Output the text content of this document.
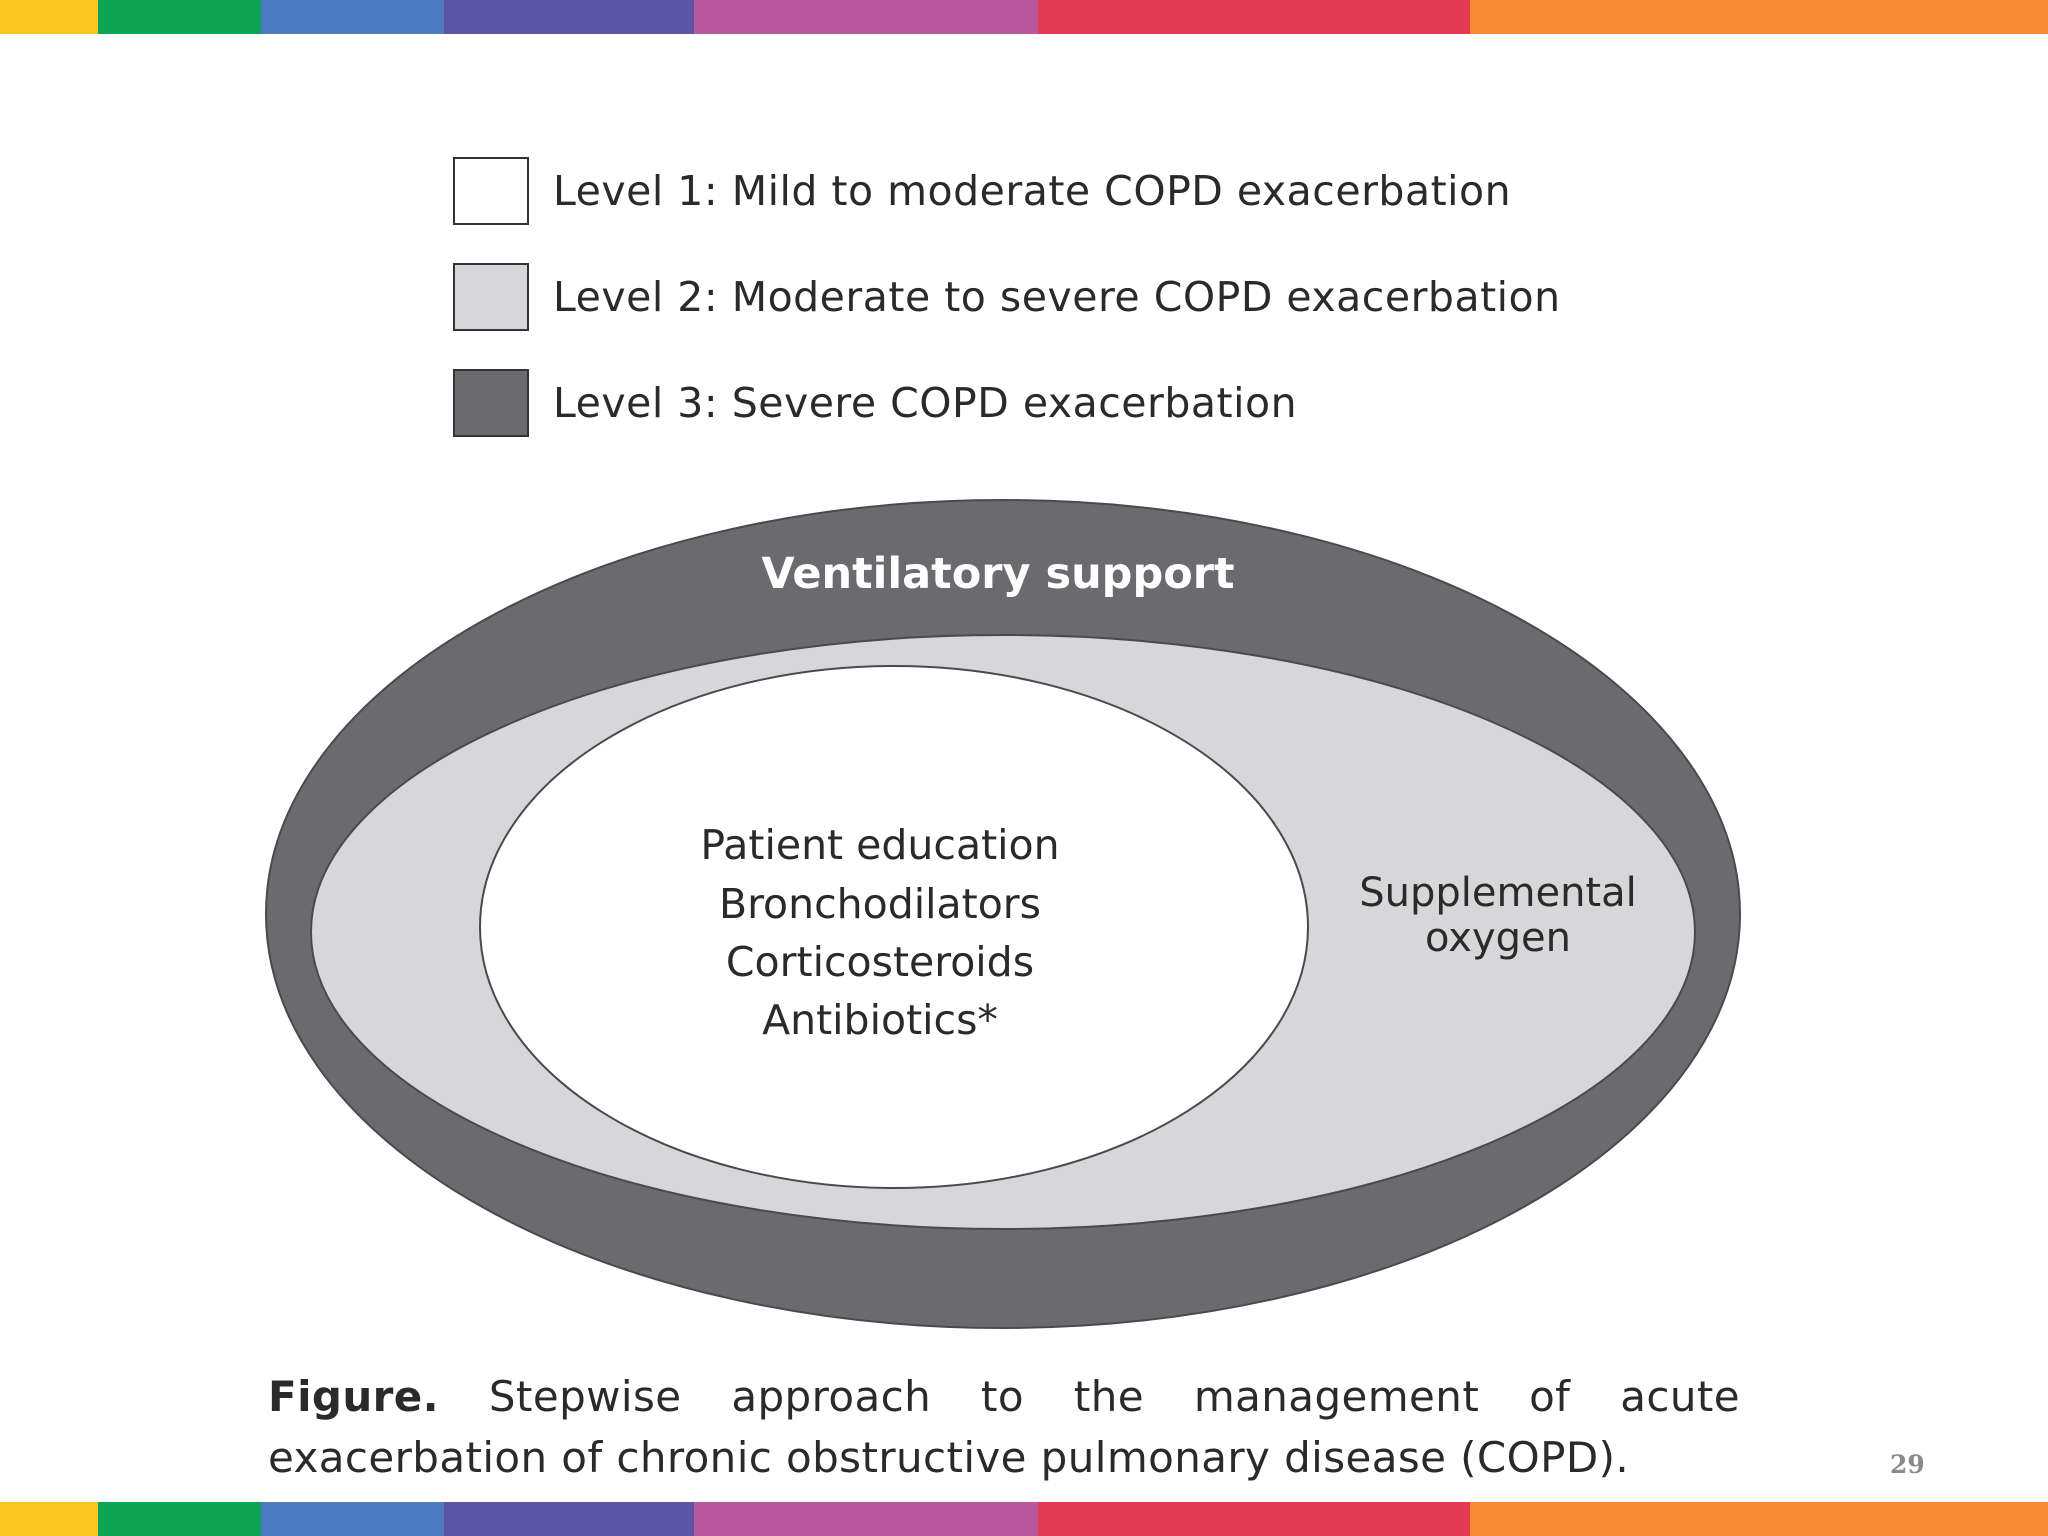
Level 1: Mild to moderate COPD exacerbation
Level 2: Moderate to severe COPD exacerbation
Level 3: Severe COPD exacerbation
Ventilatory support
Supplemental
oxygen
Patient education
Bronchodilators
Corticosteroids
Antibiotics*
Figure. Stepwise approach to the management of acute exacerbation of chronic obstructive pulmonary disease (COPD).	29
